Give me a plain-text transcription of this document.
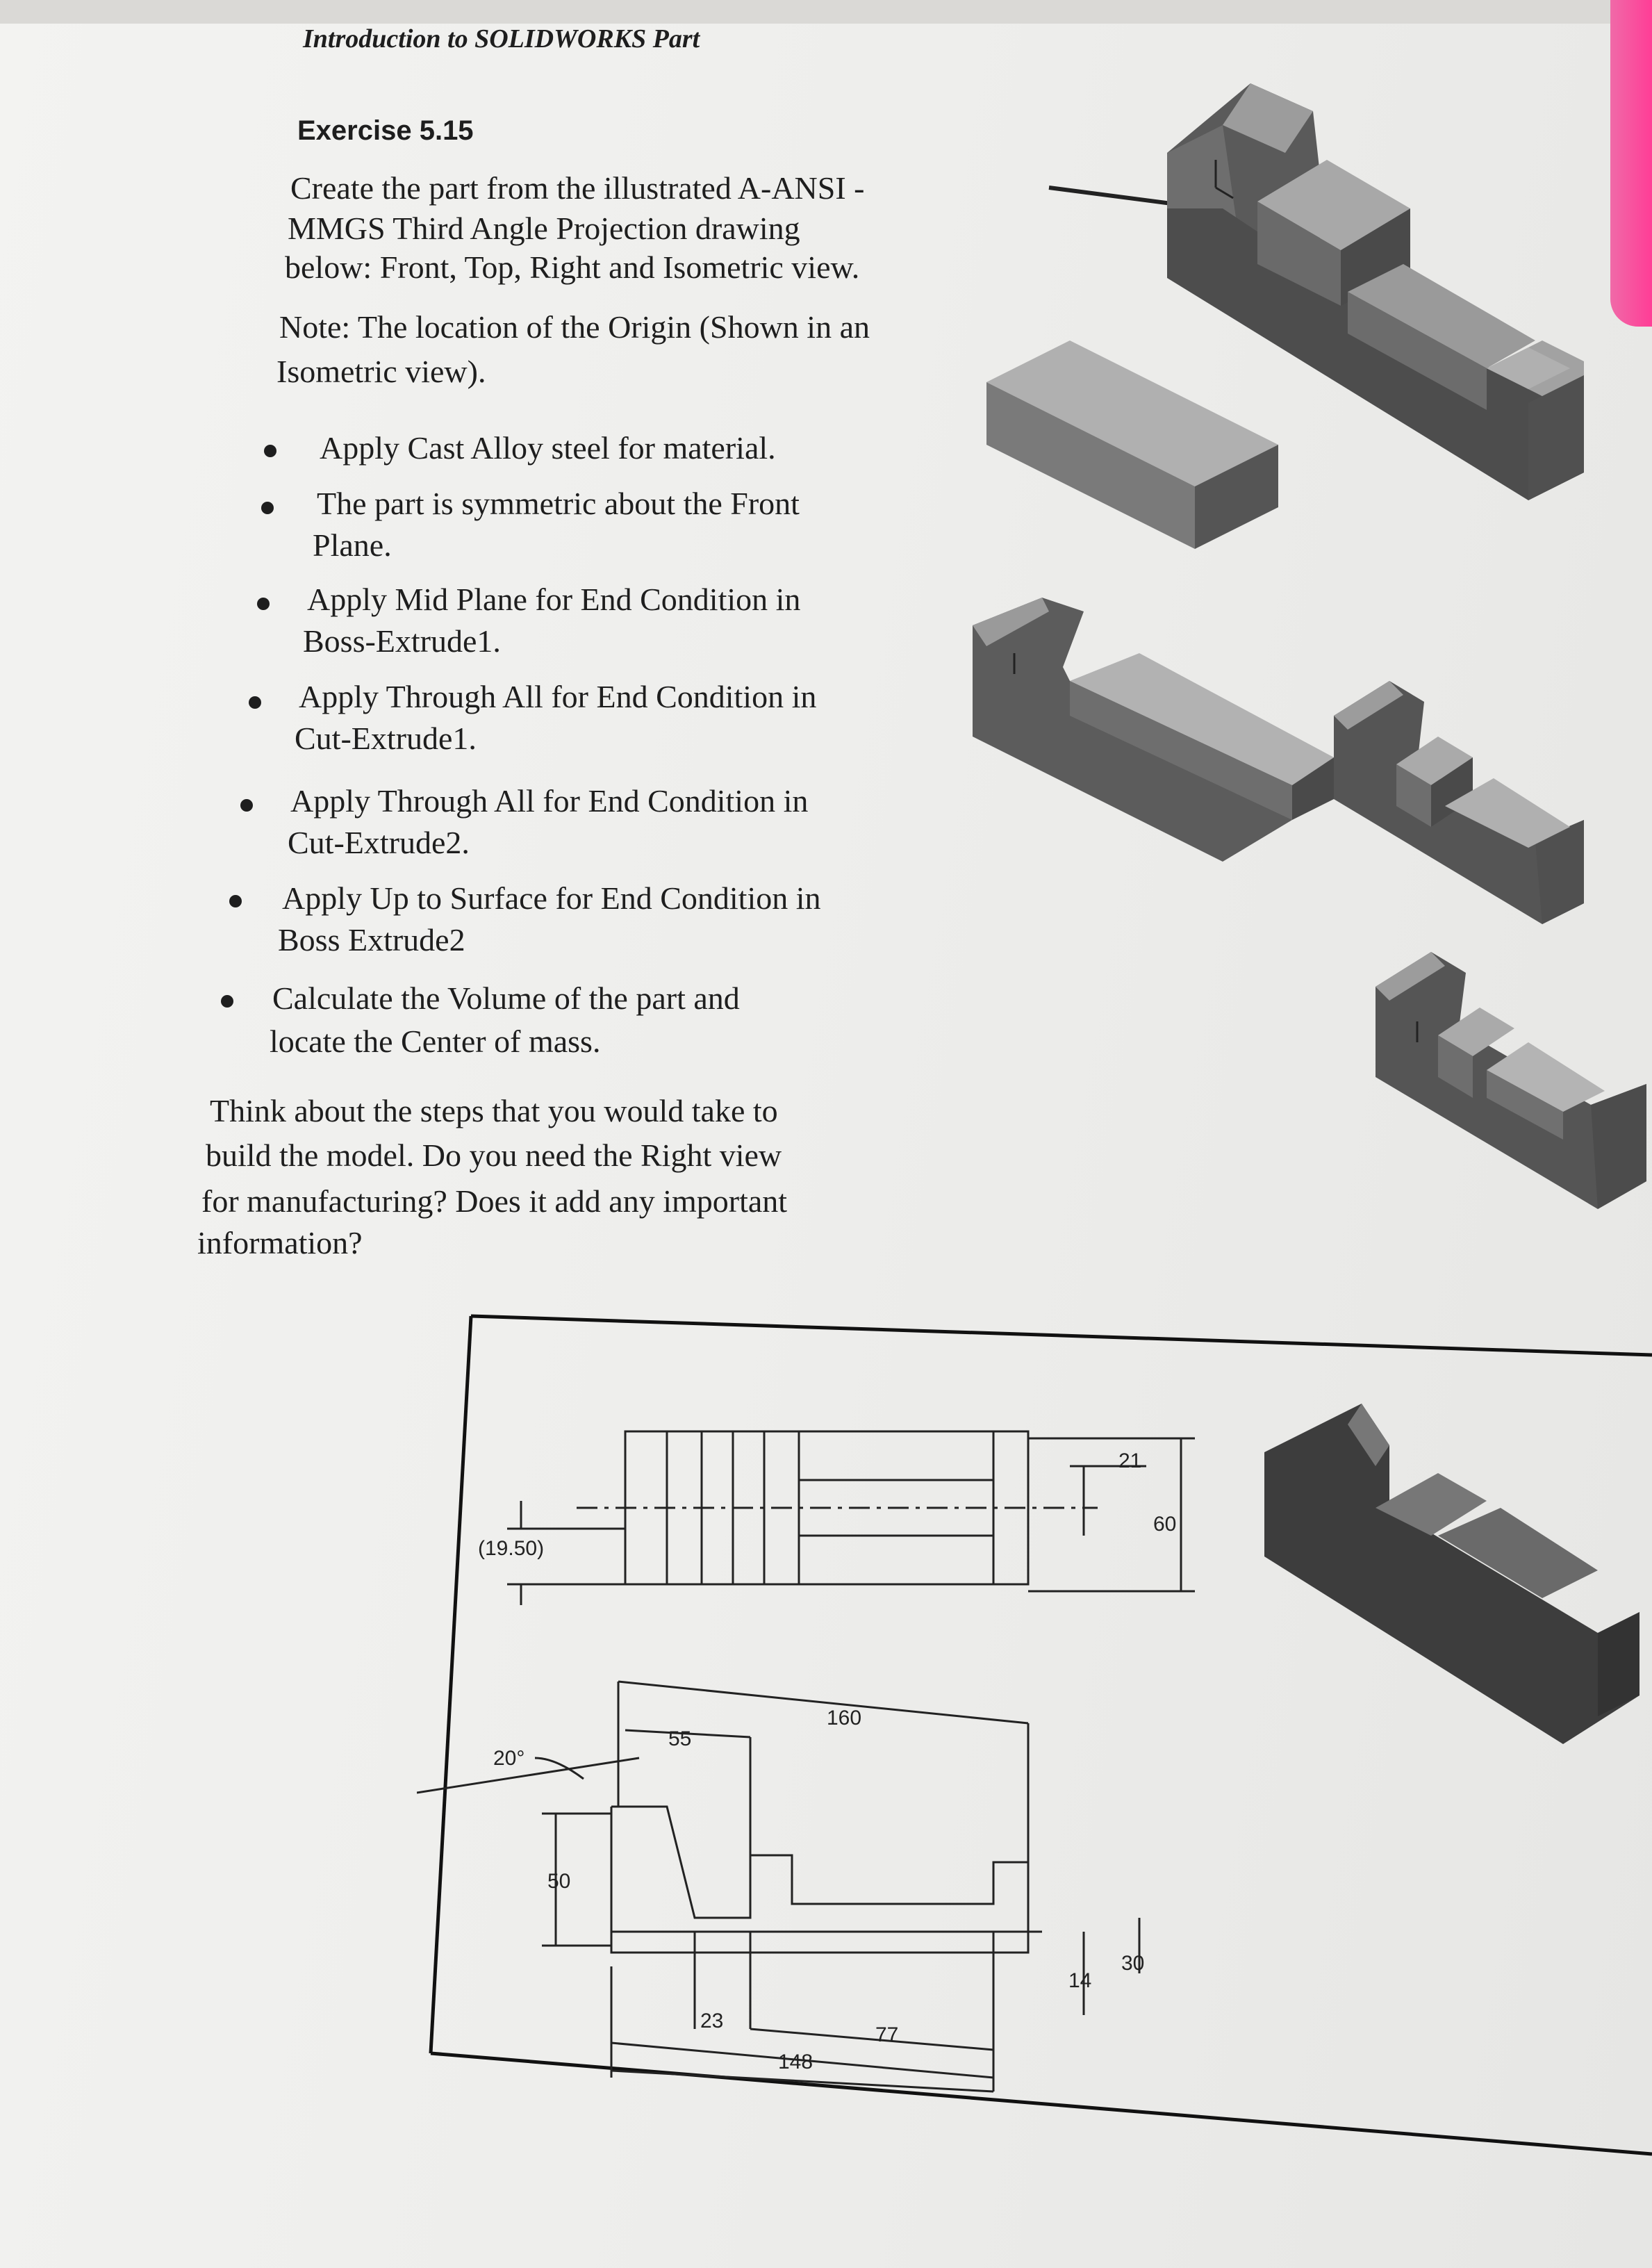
Introduction to SOLIDWORKS Part
Exercise 5.15
Create the part from the illustrated A-ANSI -
MMGS Third Angle Projection drawing
below: Front, Top, Right and Isometric view.
Note: The location of the Origin (Shown in an
Isometric view).
Apply Cast Alloy steel for material.
The part is symmetric about the Front
Plane.
Apply Mid Plane for End Condition in
Boss-Extrude1.
Apply Through All for End Condition in
Cut-Extrude1.
Apply Through All for End Condition in
Cut-Extrude2.
Apply Up to Surface for End Condition in
Boss Extrude2
Calculate the Volume of the part and
locate the Center of mass.
Think about the steps that you would take to
build the model. Do you need the Right view
for manufacturing? Does it add any important
information?
(19.50)
21
60
160
55
20°
50
23
77
148
14
30
